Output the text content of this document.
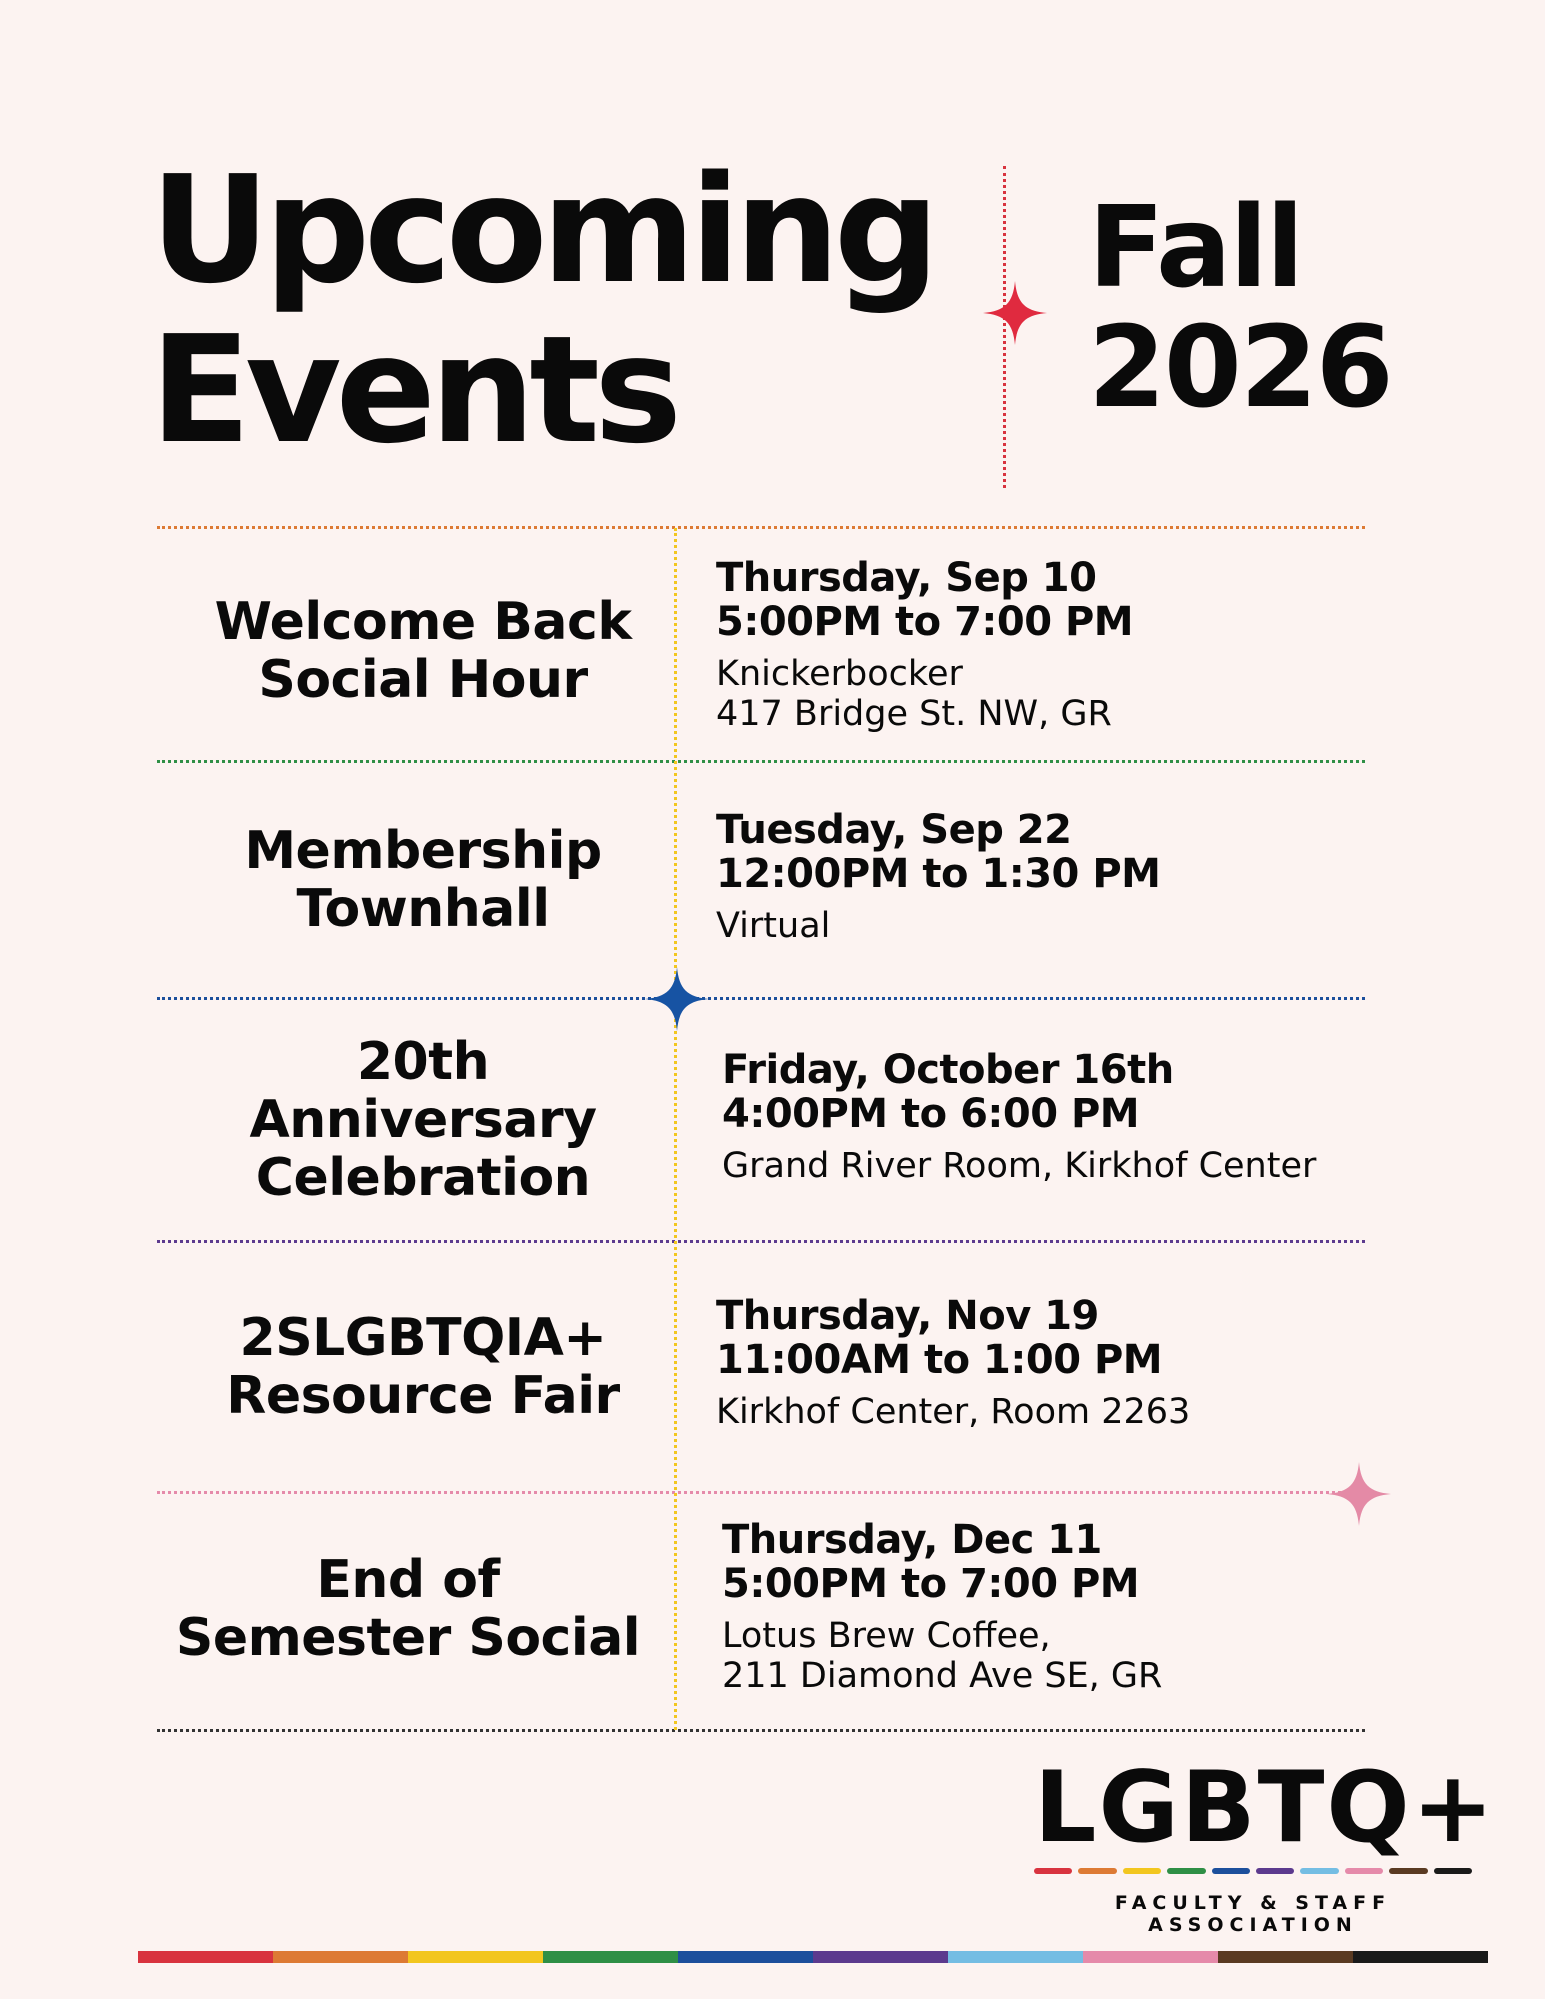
Upcoming
Events
Fall
2026
Welcome Back
Social Hour
Thursday, Sep 10
5:00PM to 7:00 PM
Knickerbocker
417 Bridge St. NW, GR
Membership
Townhall
Tuesday, Sep 22
12:00PM to 1:30 PM
Virtual
20th
Anniversary
Celebration
Friday, October 16th
4:00PM to 6:00 PM
Grand River Room, Kirkhof Center
2SLGBTQIA+
Resource Fair
Thursday, Nov 19
11:00AM to 1:00 PM
Kirkhof Center, Room 2263
End of
Semester Social
Thursday, Dec 11
5:00PM to 7:00 PM
Lotus Brew Coffee,
211 Diamond Ave SE, GR
LGBTQ+
FACULTY & STAFF ASSOCIATION
